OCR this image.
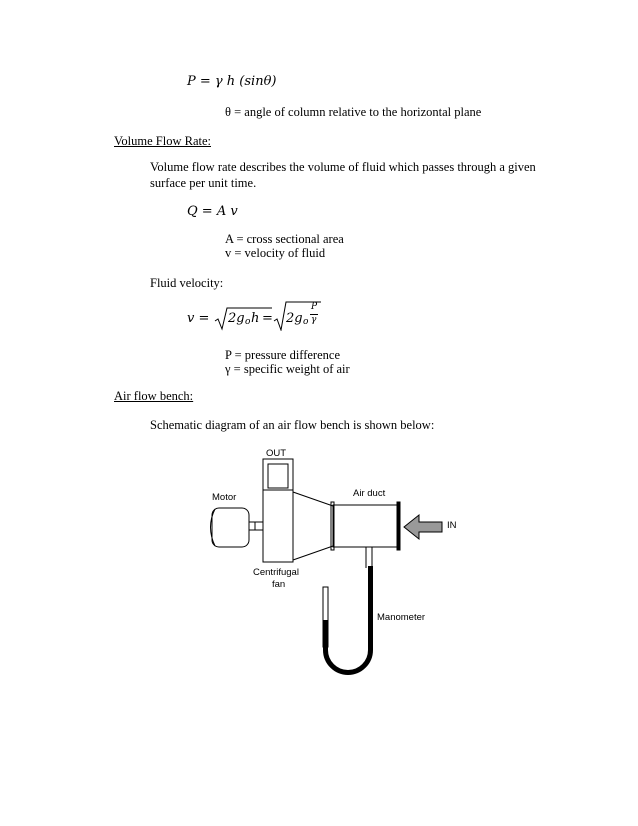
P = γ h (sinθ)
θ = angle of column relative to the horizontal plane
Volume Flow Rate:
Volume flow rate describes the volume of fluid which passes through a given surface per unit time.
Q = A v
A = cross sectional area
v = velocity of fluid
Fluid velocity:
v = 2g o h = 2g o
P
γ
P = pressure difference
γ = specific weight of air
Air flow bench:
Schematic diagram of an air flow bench is shown below:
OUT
Motor	Air duct
IN
Centrifugal
fan
Manometer
